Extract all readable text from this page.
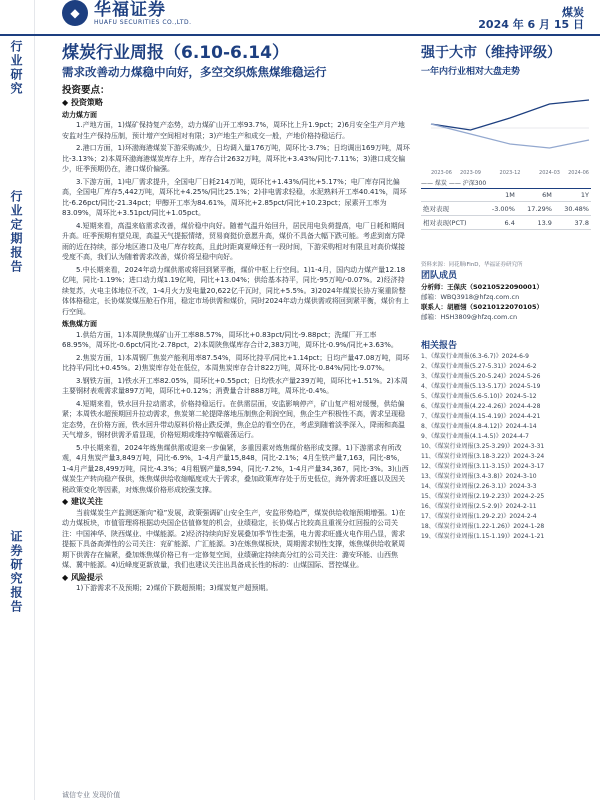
行业研究
行业定期报告
证券研究报告
◆ 华福证券
HUAFU SECURITIES CO.,LTD.
煤炭
2024 年 6 月 15 日
煤炭行业周报（6.10-6.14）
需求改善动力煤稳中向好，多空交织炼焦煤维稳运行
投资要点：
◆ 投资策略
动力煤方面

1.产地方面，1)煤矿保持复产态势，动力煤矿山开工率93.7%，周环比上升1.9pct；2)6月安全生产月产地安监对生产保持压制，预计增产空间相对有限；3)产地生产和成交一般，产地价格持稳运行。

2.港口方面，1)环渤海港煤炭下游采购减少，日均调入量176万吨，周环比-3.7%；日均调出169万吨，周环比-3.13%；2)本周环渤海港煤炭库存上升，库存合计2632万吨，周环比+3.43%/同比-7.11%；3)港口成交偏少，旺季预期仍在，港口煤价偏强。

3.下游方面，1)电厂需求提升，全国电厂日耗214万吨，周环比+1.43%/同比+5.17%；电厂库存同比偏高，全国电厂库存5,442万吨，周环比+4.25%/同比25.1%；2)非电需求轻稳，水泥熟料开工率40.41%，周环比-6.26pct/同比-21.34pct；甲醇开工率为84.61%，周环比+2.85pct/同比+10.23pct；尿素开工率为83.09%，周环比+3.51pct/同比+1.05pct。

4.短期来看，高温来临需求改善，煤价稳中向好。随着气温升始回升，居民用电负荷提高，电厂日耗和期间升高。旺季预期有望兑现，高温天气提振情绪，贸易商挺价意愿升高，煤价不具备大幅下跌可能。考虑到南方降雨的近在持续，部分地区港口及电厂库存较高，且此时距离夏峰还有一段时间，下游采购相对有限且对高价煤接受度不高，我们认为随着需求改善，煤价将呈稳中向好。

5.中长期来看，2024年动力煤供需或将回到紧平衡，煤价中枢上行空间。1)1-4月，国内动力煤产量12.18亿吨，同比-1.19%；进口动力煤1.19亿吨，同比+13.04%；供给基本持平，同比-95万吨/-0.07%。2)经济持续复苏，火电主体地位不改，1-4月火力发电量20,622亿千瓦时，同比+5.5%。3)2024年煤炭长协方案重阶整体体格稳定，长协煤炭煤压舱石作用，稳定市场供需和煤价，同时2024年动力煤供需或将回到紧平衡，煤价有上行空间。

炼焦煤方面

1.供给方面，1)本周陕焦煤矿山开工率88.57%，周环比+0.83pct/同比-9.88pct；洗煤厂开工率68.95%，周环比-0.6pct/同比-2.78pct，2)本周陕焦煤库存合计2,383万吨，周环比-0.9%/同比+3.63%。

2.焦炭方面，1)本周钢厂焦炭产能利用率87.54%，周环比持平/同比+1.14pct；日均产量47.08万吨，周环比持平/同比+0.45%。2)焦炭库存处在低位，本周焦炭库存合计822万吨，周环比-0.84%/同比-9.07%。

3.钢铁方面，1)铁水开工率82.05%，周环比+0.55pct；日均铁水产量239万吨，周环比+1.51%。2)本周主要钢材表观需求量897万吨，周环比+0.12%；消费量合计888万吨，周环比-0.4%。

4.短期来看，铁水回升拉动需求，价格持稳运行。在供需层面，安监影响停产，矿山复产相对缓慢，供给偏紧；本周铁水超预期回升拉动需求，焦炭第二轮提降落地压制焦企利润空间，焦企生产积极性不高，需求呈现稳定态势，在价格方面，铁水回升带动原料价格止跌反弹，焦企总的看空仍在，考虑到随着淡季深入，降雨和高温天气增多，钢材供需矛盾显现，价格短期或维持窄幅震荡运行。

5.中长期来看，2024年炼焦煤供需或迎来一步偏紧，多重因素对炼焦煤价格形成支撑。1)下游需求有所改观，4月焦炭产量3,849万吨，同比-6.9%，1-4月产量15,848，同比-2.1%；4月生铁产量7,163，同比-8%，1-4月产量28,499万吨，同比-4.3%；4月粗钢产量8,594，同比-7.2%，1-4月产量34,367，同比-3%。3)山西煤炭生产转向稳产保供，炼焦煤供给收缩幅度或大于需求，叠加政策库存处于历史低位，海外需求旺盛以及因关税政策变化等因素，对炼焦煤价格形成较强支撑。

◆ 建议关注

当前煤炭生产监测逐渐向“稳”发展，政策强调矿山安全生产，安监形势趋严，煤炭供给收缩预期增强。1)在动力煤板块，市值管理将根据动央国企估值修复的机会，业绩稳定，长协煤占比较高且重视分红回报的公司关注：中国神华、陕西煤业、中煤能源。2)经济持续向好发展叠加季节性走强，电力需求旺盛火电作用凸显，需求提振下具备高弹性的公司关注：兖矿能源、广汇能源。3)在炼焦煤板块，周期需求韧性支撑，炼焦煤供给收紧周期下供需存在偏紧，叠加炼焦煤价格已有一定修复空间，业绩确定持续高分红的公司关注：潞安环能、山西焦煤、冀中能源。4)近峰度更新放量，我们也建议关注出具备成长性的标的：山煤国际、晋控煤业。

◆ 风险提示

1)下游需求不及预期；2)煤价下跌超预期；3)煤炭复产超预期。

强于大市（维持评级）
一年内行业相对大盘走势
2023-06 2023-09	2023-12	2024-03 2024-06
—— 煤炭 —— 沪深300
	1M	6M	1Y
绝对表现	-3.00%	17.29%	30.48%
相对表现(PCT)	6.4	13.9	37.8
资料来源：同花顺iFinD，华福证券研究所
团队成员
分析师：王保庆（S0210522090001）
邮箱：WBQ3918@hfzq.com.cn
联系人：胡雁翎（S0210122070105）
邮箱：HSH3809@hfzq.com.cn
相关报告
1、《煤炭行业周报(6.3-6.7)》2024-6-9
2、《煤炭行业周报(5.27-5.31)》2024-6-2
3、《煤炭行业周报(5.20-5.24)》2024-5-26
4、《煤炭行业周报(5.13-5.17)》2024-5-19
5、《煤炭行业周报(5.6-5.10)》2024-5-12
6、《煤炭行业周报(4.22-4.26)》2024-4-28
7、《煤炭行业周报(4.15-4.19)》2024-4-21
8、《煤炭行业周报(4.8-4.12)》2024-4-14
9、《煤炭行业周报(4.1-4.5)》2024-4-7
10、《煤炭行业周报(3.25-3.29)》2024-3-31
11、《煤炭行业周报(3.18-3.22)》2024-3-24
12、《煤炭行业周报(3.11-3.15)》2024-3-17
13、《煤炭行业周报(3.4-3.8)》2024-3-10
14、《煤炭行业周报(2.26-3.1)》2024-3-3
15、《煤炭行业周报(2.19-2.23)》2024-2-25
16、《煤炭行业周报(2.5-2.9)》2024-2-11
17、《煤炭行业周报(1.29-2.2)》2024-2-4
18、《煤炭行业周报(1.22-1.26)》2024-1-28
19、《煤炭行业周报(1.15-1.19)》2024-1-21
诚信专业 发现价值
